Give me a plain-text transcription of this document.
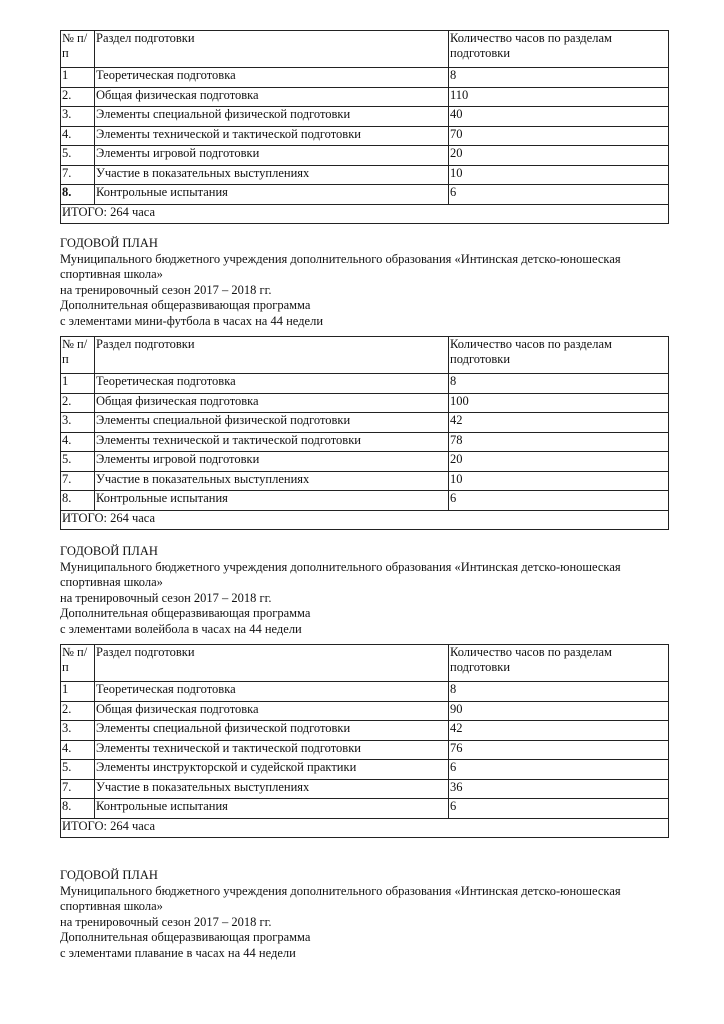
№ п/п	Раздел подготовки	Количество часов по разделам подготовки
1	Теоретическая подготовка	8
2.	Общая физическая подготовка	110
3.	Элементы специальной физической подготовки	40
4.	Элементы технической и тактической подготовки	70
5.	Элементы игровой подготовки	20
7.	Участие в показательных выступлениях	10
8.	Контрольные испытания	6
ИТОГО: 264 часа		
ГОДОВОЙ ПЛАН
Муниципального бюджетного учреждения дополнительного образования «Интинская детско-юношеская
спортивная школа»
на тренировочный сезон 2017 – 2018 гг.
Дополнительная общеразвивающая программа
с элементами мини-футбола в часах на 44 недели
№ п/п	Раздел подготовки	Количество часов по разделам подготовки
1	Теоретическая подготовка	8
2.	Общая физическая подготовка	100
3.	Элементы специальной физической подготовки	42
4.	Элементы технической и тактической подготовки	78
5.	Элементы игровой подготовки	20
7.	Участие в показательных выступлениях	10
8.	Контрольные испытания	6
ИТОГО: 264 часа		
ГОДОВОЙ ПЛАН
Муниципального бюджетного учреждения дополнительного образования «Интинская детско-юношеская
спортивная школа»
на тренировочный сезон 2017 – 2018 гг.
Дополнительная общеразвивающая программа
с элементами волейбола в часах на 44 недели
№ п/п	Раздел подготовки	Количество часов по разделам подготовки
1	Теоретическая подготовка	8
2.	Общая физическая подготовка	90
3.	Элементы специальной физической подготовки	42
4.	Элементы технической и тактической подготовки	76
5.	Элементы инструкторской и судейской практики	6
7.	Участие в показательных выступлениях	36
8.	Контрольные испытания	6
ИТОГО: 264 часа		
ГОДОВОЙ ПЛАН
Муниципального бюджетного учреждения дополнительного образования «Интинская детско-юношеская
спортивная школа»
на тренировочный сезон 2017 – 2018 гг.
Дополнительная общеразвивающая программа
с элементами плавание в часах на 44 недели
